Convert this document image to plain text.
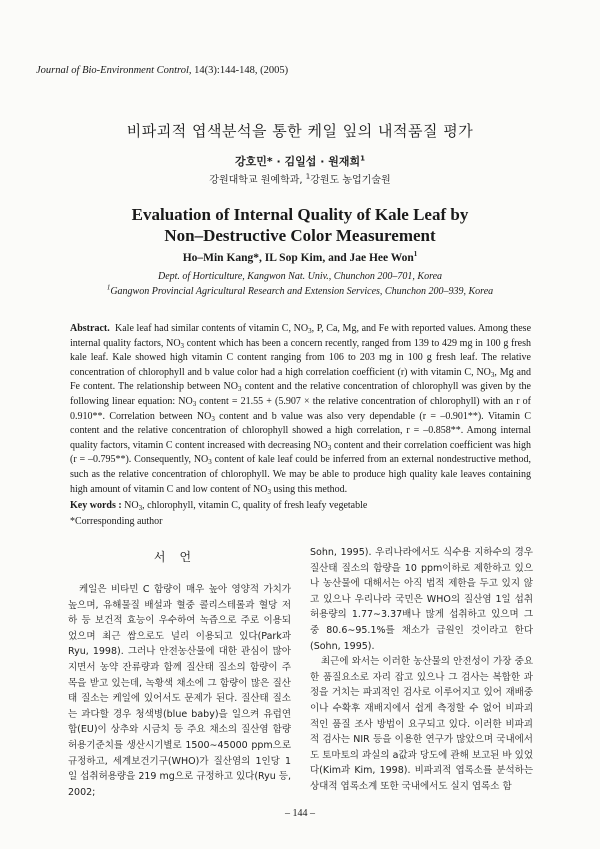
Journal of Bio-Environment Control, 14(3):144-148, (2005)
비파괴적 엽색분석을 통한 케일 잎의 내적품질 평가
강호민* · 김일섭 · 원재희$^1$
강원대학교 원예학과, $^1$강원도 농업기술원
Evaluation of Internal Quality of Kale Leaf by
Non–Destructive Color Measurement
Ho–Min Kang*, IL Sop Kim, and Jae Hee Won$^1$
Dept. of Horticulture, Kangwon Nat. Univ., Chunchon 200–701, Korea
$^1$Gangwon Provincial Agricultural Research and Extension Services, Chunchon 200–939, Korea
Abstract. Kale leaf had similar contents of vitamin C, $NO_3$, P, Ca, Mg, and Fe with reported values. Among these internal quality factors, $NO_3$ content which has been a concern recently, ranged from 139 to 429 mg in 100 g fresh kale leaf. Kale showed high vitamin C content ranging from 106 to 203 mg in 100 g fresh leaf. The relative concentration of chlorophyll and b value color had a high correlation coefficient (r) with vitamin C, $NO_3$, Mg and Fe content. The relationship between $NO_3$ content and the relative concentration of chlorophyll was given by the following linear equation: $NO_3$ content = 21.55 + (5.907 × the relative concentration of chlorophyll) with an r of 0.910**. Correlation between $NO_3$ content and b value was also very dependable (r = –0.901**). Vitamin C content and the relative concentration of chlorophyll showed a high correlation, r = –0.858**. Among internal quality factors, vitamin C content increased with decreasing $NO_3$ content and their correlation coefficient was high (r = –0.795**). Consequently, $NO_3$ content of kale leaf could be inferred from an external nondestructive method, such as the relative concentration of chlorophyll. We may be able to produce high quality kale leaves containing high amount of vitamin C and low content of $NO_3$ using this method.
Key words : $NO_3$, chlorophyll, vitamin C, quality of fresh leafy vegetable
*Corresponding author
서언
케일은 비타민 C 함량이 매우 높아 영양적 가치가 높으며, 유해물질 배설과 혈중 콜리스테롤과 혈당 저하 등 보건적 효능이 우수하여 녹즙으로 주로 이용되었으며 최근 쌈으로도 널리 이용되고 있다(Park과 Ryu, 1998). 그러나 안전농산물에 대한 관심이 많아지면서 농약 잔류량과 함께 질산태 질소의 함량이 주목을 받고 있는데, 녹황색 채소에 그 함량이 많은 질산태 질소는 케일에 있어서도 문제가 된다. 질산태 질소는 과다할 경우 청색병(blue baby)을 일으켜 유럽연합(EU)이 상추와 시금치 등 주요 채소의 질산염 함량 허용기준치를 생산시기별로 1500∼45000 ppm으로 규정하고, 세계보건기구(WHO)가 질산염의 1인당 1일 섭취허용량을 219 mg으로 규정하고 있다(Ryu 등, 2002;
Sohn, 1995). 우리나라에서도 식수용 지하수의 경우 질산태 질소의 함량을 10 ppm이하로 제한하고 있으나 농산물에 대해서는 아직 법적 제한을 두고 있지 않고 있으나 우리나라 국민은 WHO의 질산염 1일 섭취허용량의 1.77∼3.37배나 많게 섭취하고 있으며 그 중 80.6∼95.1%를 채소가 급원인 것이라고 한다(Sohn, 1995).
최근에 와서는 이러한 농산물의 안전성이 가장 중요한 품질요소로 자리 잡고 있으나 그 검사는 복합한 과정을 거치는 파괴적인 검사로 이루어지고 있어 재배중이나 수확후 재배지에서 쉽게 측정할 수 없어 비파괴적인 품질 조사 방법이 요구되고 있다. 이러한 비파괴적 검사는 NIR 등을 이용한 연구가 많았으며 국내에서도 토마토의 과실의 a값과 당도에 관해 보고된 바 있었다(Kim과 Kim, 1998). 비파괴적 엽록소를 분석하는 상대적 엽록소계 또한 국내에서도 실지 엽록소 함
– 144 –
